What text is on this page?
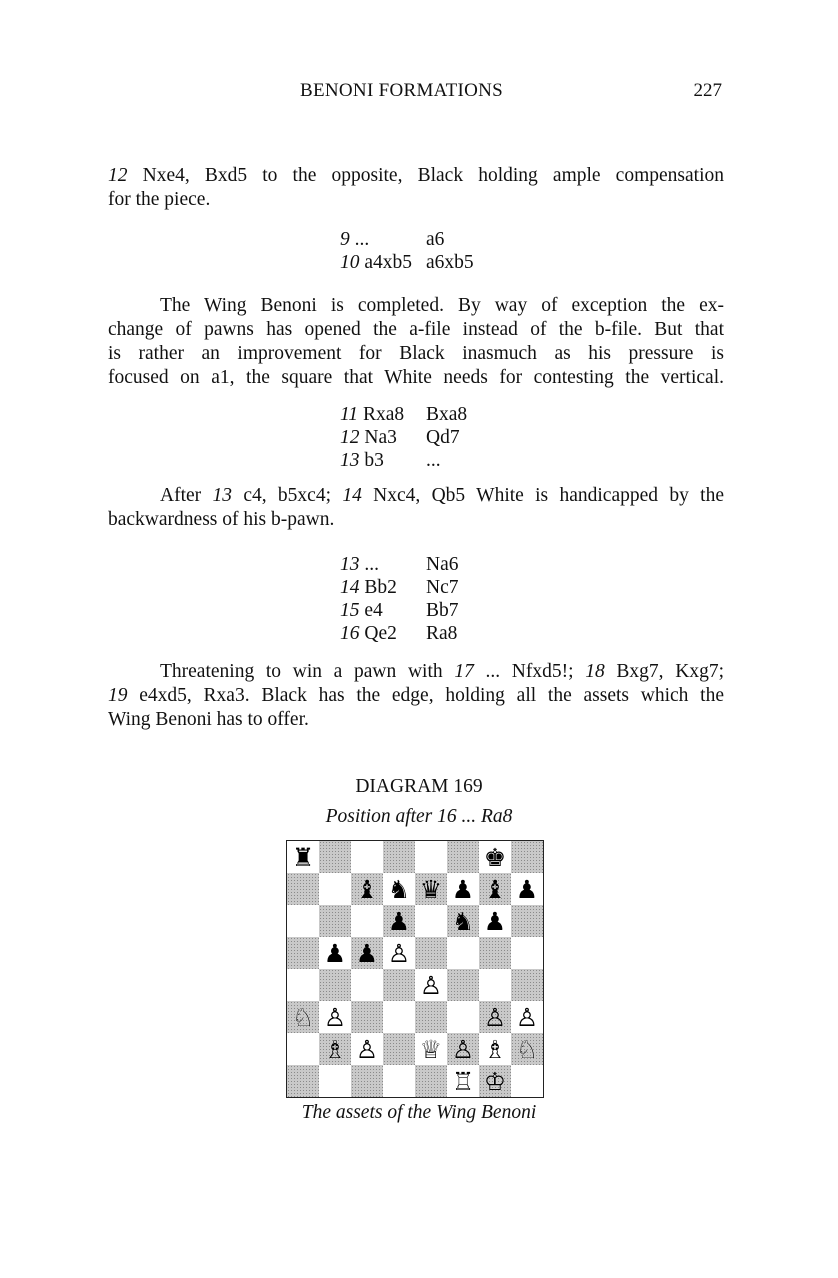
BENONI FORMATIONS	227

12 Nxe4, Bxd5 to the opposite, Black holding ample compensation
for the piece.

9 ...	a6
10 a4xb5	a6xb5

The Wing Benoni is completed. By way of exception the ex-
change of pawns has opened the a-file instead of the b-file. But that
is rather an improvement for Black inasmuch as his pressure is
focused on a1, the square that White needs for contesting the vertical.

11 Rxa8	Bxa8
12 Na3	Qd7
13 b3	...

After 13 c4, b5xc4; 14 Nxc4, Qb5 White is handicapped by the
backwardness of his b-pawn.

13 ...	Na6
14 Bb2	Nc7
15 e4	Bb7
16 Qe2	Ra8

Threatening to win a pawn with 17 ... Nfxd5!; 18 Bxg7, Kxg7;
19 e4xd5, Rxa3. Black has the edge, holding all the assets which the
Wing Benoni has to offer.

DIAGRAM 169
Position after 16 ... Ra8
♜	♚
♝ ♞ ♛ ♟ ♝ ♟
♟ ♞ ♟
♟ ♟ ♙
♙
♘ ♙	♙ ♙
♗ ♙ ♕ ♙ ♗ ♘
♖ ♔
The assets of the Wing Benoni
